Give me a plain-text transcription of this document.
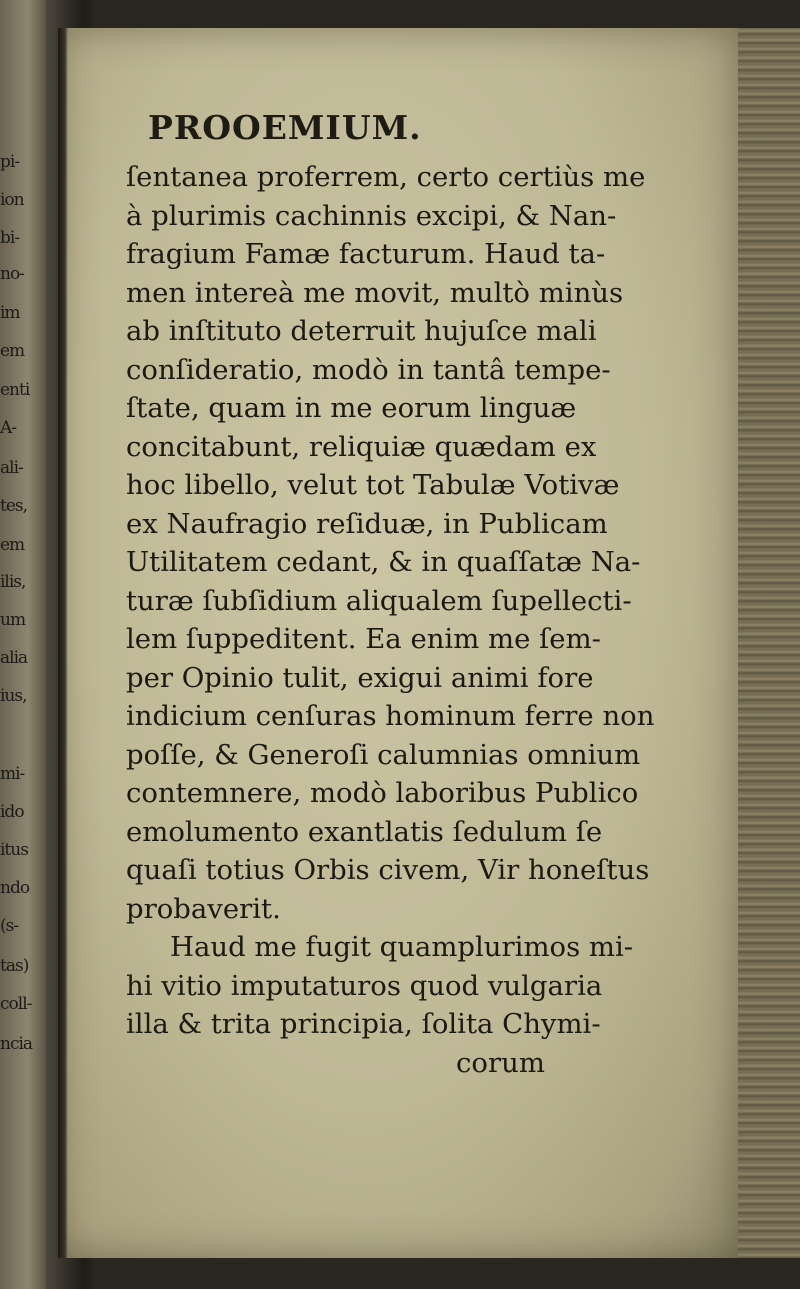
pi-
ion
bi-
no-
im
em
enti
A-
ali-
tes,
em
ilis,
um
alia
ius,
mi-
ido
itus
ndo
(s-
tas)
coll-
ncia
PROOEMIUM.
ſentanea proferrem, certo certiùs me
à plurimis cachinnis excipi, & Nan-
fragium Famæ facturum. Haud ta-
men intereà me movit, multò minùs
ab inſtituto deterruit hujuſce mali
conſideratio, modò in tantâ tempe-
ſtate, quam in me eorum linguæ
concitabunt, reliquiæ quædam ex
hoc libello, velut tot Tabulæ Votivæ
ex Naufragio reſiduæ, in Publicam
Utilitatem cedant, & in quaſſatæ Na-
turæ ſubſidium aliqualem ſupellecti-
lem ſuppeditent. Ea enim me ſem-
per Opinio tulit, exigui animi fore
indicium cenſuras hominum ferre non
poſſe, & Generoſi calumnias omnium
contemnere, modò laboribus Publico
emolumento exantlatis ſedulum ſe
quaſi totius Orbis civem, Vir honeſtus
probaverit.
Haud me fugit quamplurimos mi-
hi vitio imputaturos quod vulgaria
illa & trita principia, ſolita Chymi-
corum
